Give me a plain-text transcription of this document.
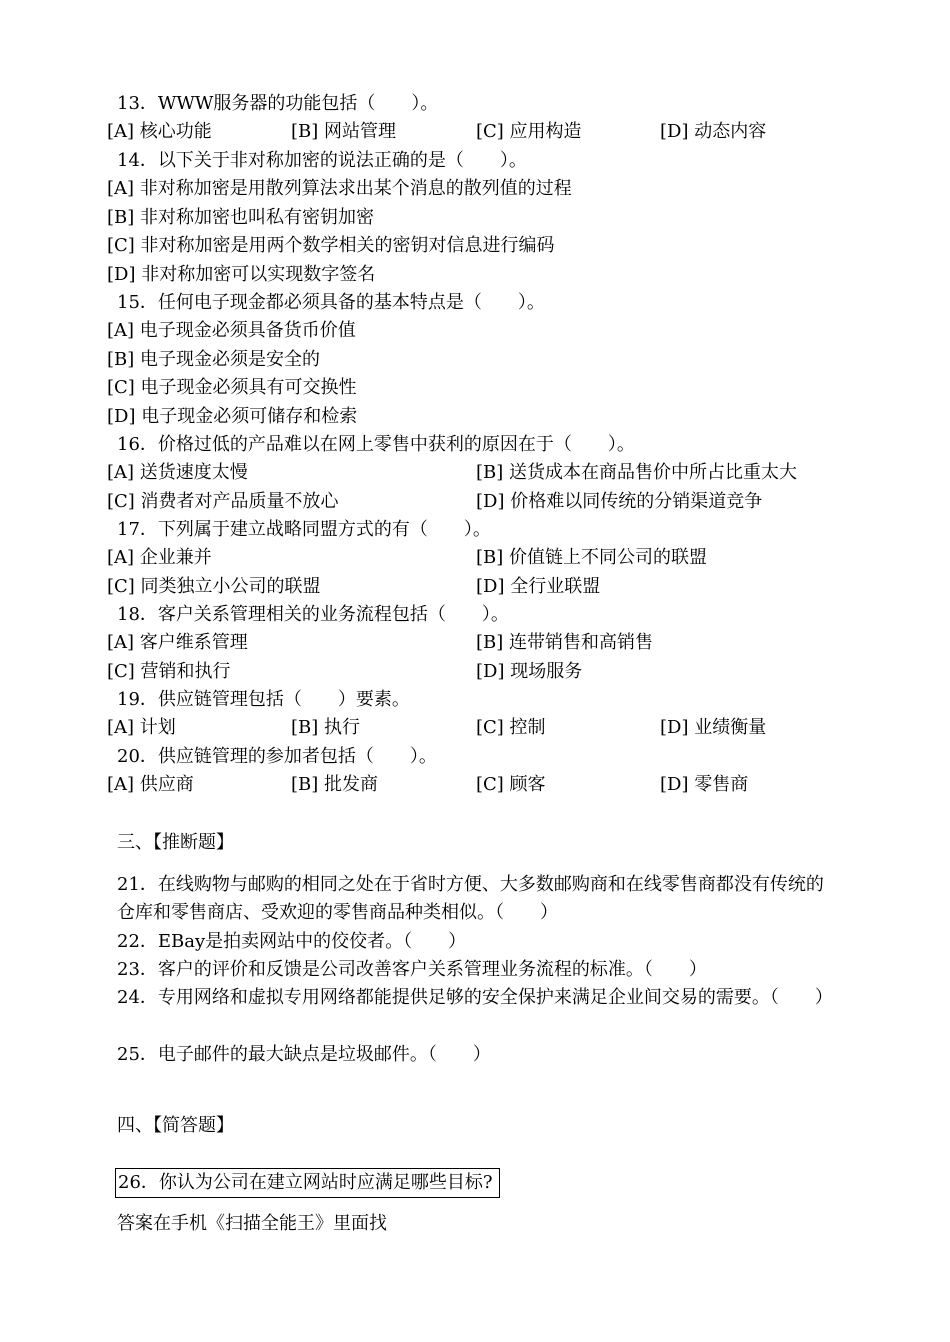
13．WWW服务器的功能包括（　　）。
[A] 核心功能	[B] 网站管理	[C] 应用构造	[D] 动态内容
14．以下关于非对称加密的说法正确的是（　　）。
[A] 非对称加密是用散列算法求出某个消息的散列值的过程
[B] 非对称加密也叫私有密钥加密
[C] 非对称加密是用两个数学相关的密钥对信息进行编码
[D] 非对称加密可以实现数字签名
15．任何电子现金都必须具备的基本特点是（　　）。
[A] 电子现金必须具备货币价值
[B] 电子现金必须是安全的
[C] 电子现金必须具有可交换性
[D] 电子现金必须可储存和检索
16．价格过低的产品难以在网上零售中获利的原因在于（　　）。
[A] 送货速度太慢	[B] 送货成本在商品售价中所占比重太大
[C] 消费者对产品质量不放心	[D] 价格难以同传统的分销渠道竞争
17．下列属于建立战略同盟方式的有（　　）。
[A] 企业兼并	[B] 价值链上不同公司的联盟
[C] 同类独立小公司的联盟	[D] 全行业联盟
18．客户关系管理相关的业务流程包括（　　）。
[A] 客户维系管理	[B] 连带销售和高销售
[C] 营销和执行	[D] 现场服务
19．供应链管理包括（　　）要素。
[A] 计划	[B] 执行	[C] 控制	[D] 业绩衡量
20．供应链管理的参加者包括（　　）。
[A] 供应商	[B] 批发商	[C] 顾客	[D] 零售商
三、【推断题】
21．在线购物与邮购的相同之处在于省时方便、大多数邮购商和在线零售商都没有传统的仓库和零售商店、受欢迎的零售商品种类相似。（　　）
22．EBay是拍卖网站中的佼佼者。（　　）
23．客户的评价和反馈是公司改善客户关系管理业务流程的标准。（　　）
24．专用网络和虚拟专用网络都能提供足够的安全保护来满足企业间交易的需要。（　　）
25．电子邮件的最大缺点是垃圾邮件。（　　）
四、【简答题】
26．你认为公司在建立网站时应满足哪些目标?
答案在手机《扫描全能王》里面找
